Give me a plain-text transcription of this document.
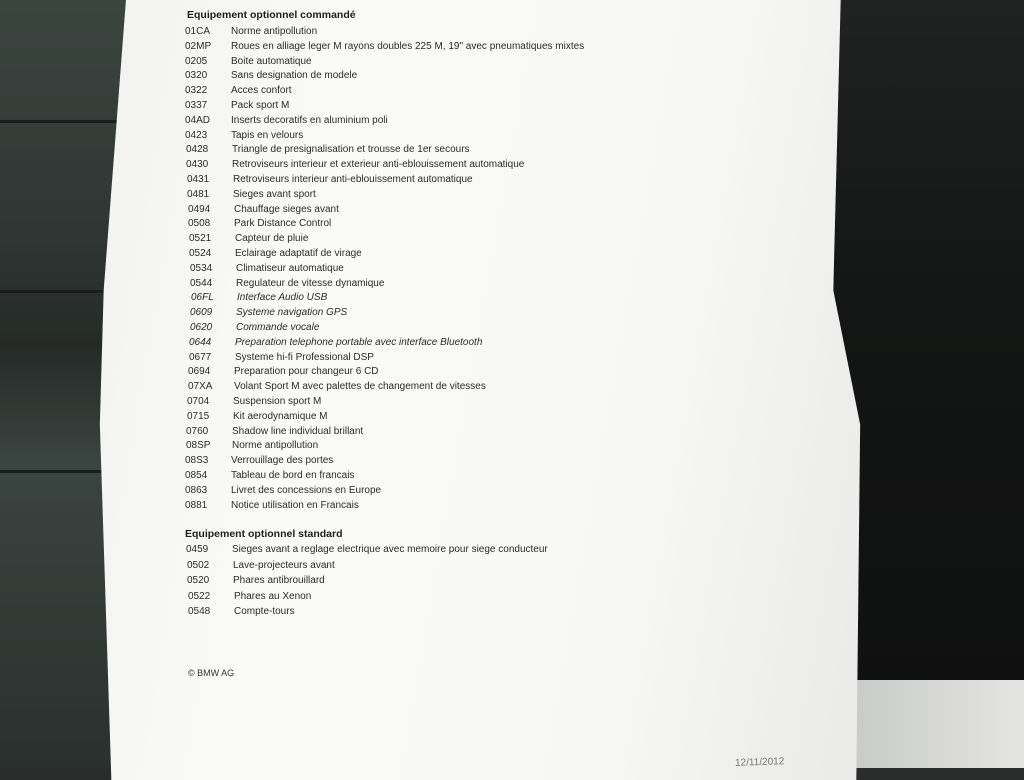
Equipement optionnel commandé
01CA Norme antipollution
02MP Roues en alliage leger M rayons doubles 225 M, 19" avec pneumatiques mixtes
0205 Boite automatique
0320 Sans designation de modele
0322 Acces confort
0337 Pack sport M
04AD Inserts decoratifs en aluminium poli
0423 Tapis en velours
0428 Triangle de presignalisation et trousse de 1er secours
0430 Retroviseurs interieur et exterieur anti-eblouissement automatique
0431 Retroviseurs interieur anti-eblouissement automatique
0481 Sieges avant sport
0494 Chauffage sieges avant
0508 Park Distance Control
0521 Capteur de pluie
0524 Eclairage adaptatif de virage
0534 Climatiseur automatique
0544 Regulateur de vitesse dynamique
06FL Interface Audio USB
0609 Systeme navigation GPS
0620 Commande vocale
0644 Preparation telephone portable avec interface Bluetooth
0677 Systeme hi-fi Professional DSP
0694 Preparation pour changeur 6 CD
07XA Volant Sport M avec palettes de changement de vitesses
0704 Suspension sport M
0715 Kit aerodynamique M
0760 Shadow line individual brillant
08SP Norme antipollution
08S3 Verrouillage des portes
0854 Tableau de bord en francais
0863 Livret des concessions en Europe
0881 Notice utilisation en Francais
Equipement optionnel standard
0459 Sieges avant a reglage electrique avec memoire pour siege conducteur
0502 Lave-projecteurs avant
0520 Phares antibrouillard
0522 Phares au Xenon
0548 Compte-tours
© BMW AG
12/11/2012
